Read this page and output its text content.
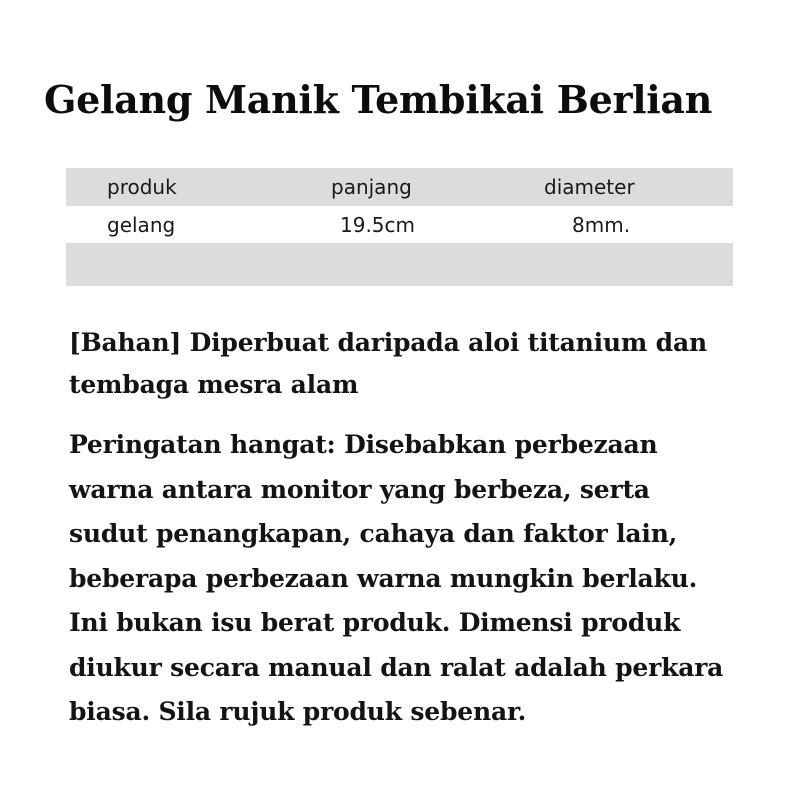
Gelang Manik Tembikai Berlian
produk	panjang	diameter
gelang	19.5cm	8mm.

[Bahan] Diperbuat daripada aloi titanium dan
tembaga mesra alam

Peringatan hangat: Disebabkan perbezaan
warna antara monitor yang berbeza, serta
sudut penangkapan, cahaya dan faktor lain,
beberapa perbezaan warna mungkin berlaku.
Ini bukan isu berat produk. Dimensi produk
diukur secara manual dan ralat adalah perkara
biasa. Sila rujuk produk sebenar.
